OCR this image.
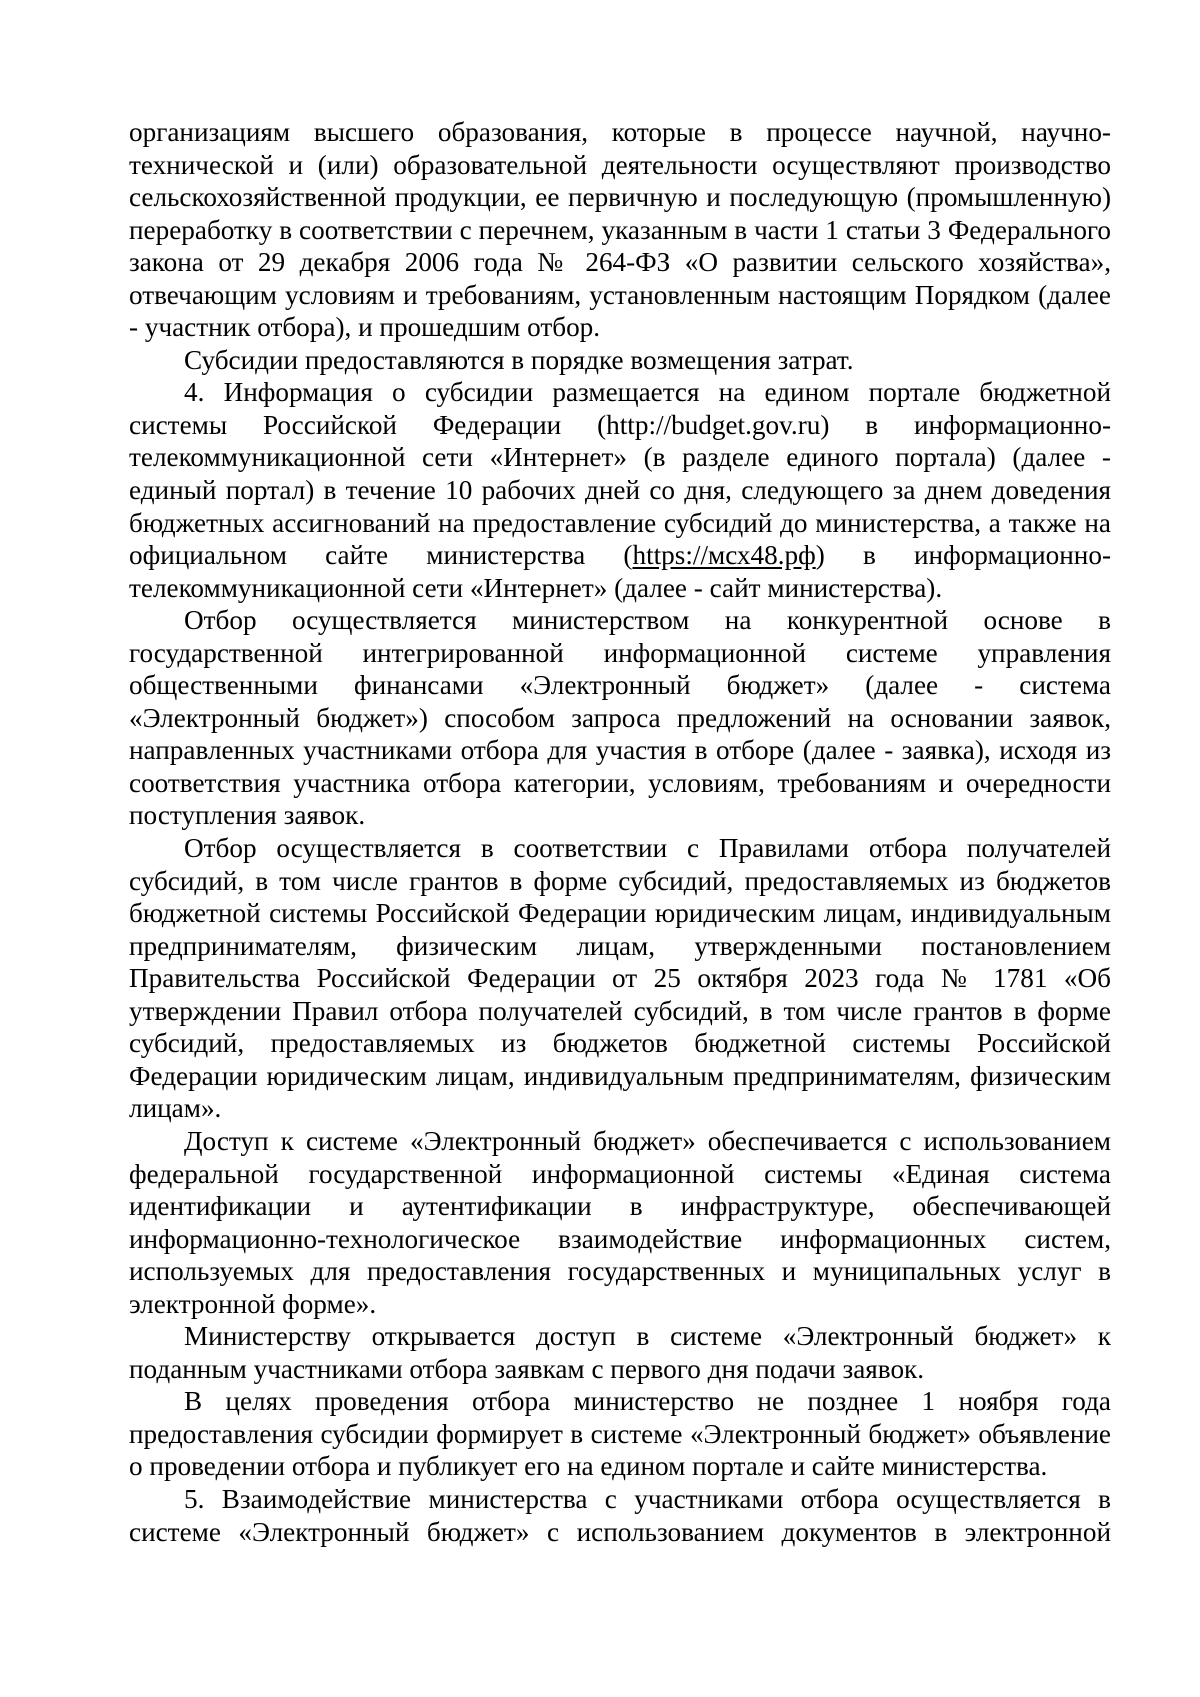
организациям высшего образования, которые в процессе научной, научно-технической и (или) образовательной деятельности осуществляют производство сельскохозяйственной продукции, ее первичную и последующую (промышленную) переработку в соответствии с перечнем, указанным в части 1 статьи 3 Федерального закона от 29 декабря 2006 года № 264-ФЗ «О развитии сельского хозяйства», отвечающим условиям и требованиям, установленным настоящим Порядком (далее - участник отбора), и прошедшим отбор.

Субсидии предоставляются в порядке возмещения затрат.

4. Информация о субсидии размещается на едином портале бюджетной системы Российской Федерации (http://budget.gov.ru) в информационно-телекоммуникационной сети «Интернет» (в разделе единого портала) (далее - единый портал) в течение 10 рабочих дней со дня, следующего за днем доведения бюджетных ассигнований на предоставление субсидий до министерства, а также на официальном сайте министерства (https://мсх48.рф) в информационно-телекоммуникационной сети «Интернет» (далее - сайт министерства).

Отбор осуществляется министерством на конкурентной основе в государственной интегрированной информационной системе управления общественными финансами «Электронный бюджет» (далее - система «Электронный бюджет») способом запроса предложений на основании заявок, направленных участниками отбора для участия в отборе (далее - заявка), исходя из соответствия участника отбора категории, условиям, требованиям и очередности поступления заявок.

Отбор осуществляется в соответствии с Правилами отбора получателей субсидий, в том числе грантов в форме субсидий, предоставляемых из бюджетов бюджетной системы Российской Федерации юридическим лицам, индивидуальным предпринимателям, физическим лицам, утвержденными постановлением Правительства Российской Федерации от 25 октября 2023 года № 1781 «Об утверждении Правил отбора получателей субсидий, в том числе грантов в форме субсидий, предоставляемых из бюджетов бюджетной системы Российской Федерации юридическим лицам, индивидуальным предпринимателям, физическим лицам».

Доступ к системе «Электронный бюджет» обеспечивается с использованием федеральной государственной информационной системы «Единая система идентификации и аутентификации в инфраструктуре, обеспечивающей информационно-технологическое взаимодействие информационных систем, используемых для предоставления государственных и муниципальных услуг в электронной форме».

Министерству открывается доступ в системе «Электронный бюджет» к поданным участниками отбора заявкам с первого дня подачи заявок.

В целях проведения отбора министерство не позднее 1 ноября года предоставления субсидии формирует в системе «Электронный бюджет» объявление о проведении отбора и публикует его на едином портале и сайте министерства.

5. Взаимодействие министерства с участниками отбора осуществляется в системе «Электронный бюджет» с использованием документов в электронной
